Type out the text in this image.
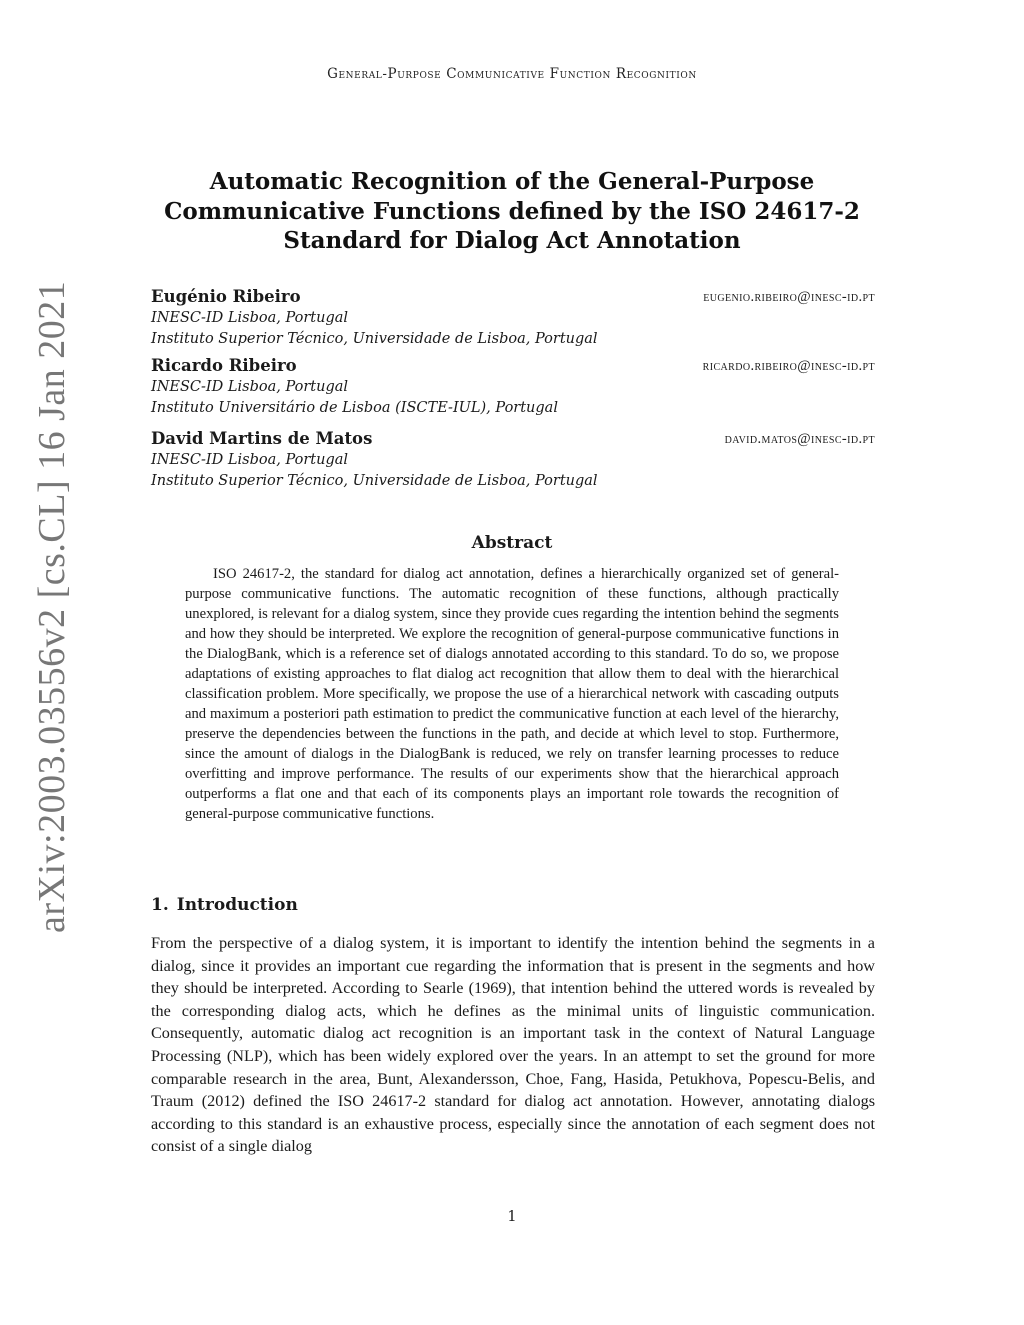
General-Purpose Communicative Function Recognition
arXiv:2003.03556v2 [cs.CL] 16 Jan 2021
Automatic Recognition of the General-Purpose Communicative Functions defined by the ISO 24617-2 Standard for Dialog Act Annotation
Eugénio Ribeiro	eugenio.ribeiro@inesc-id.pt
INESC-ID Lisboa, Portugal
Instituto Superior Técnico, Universidade de Lisboa, Portugal
Ricardo Ribeiro	ricardo.ribeiro@inesc-id.pt
INESC-ID Lisboa, Portugal
Instituto Universitário de Lisboa (ISCTE-IUL), Portugal
David Martins de Matos	david.matos@inesc-id.pt
INESC-ID Lisboa, Portugal
Instituto Superior Técnico, Universidade de Lisboa, Portugal
Abstract
ISO 24617-2, the standard for dialog act annotation, defines a hierarchically organized set of general-purpose communicative functions. The automatic recognition of these functions, although practically unexplored, is relevant for a dialog system, since they provide cues regarding the intention behind the segments and how they should be interpreted. We explore the recognition of general-purpose communicative functions in the DialogBank, which is a reference set of dialogs annotated according to this standard. To do so, we propose adaptations of existing approaches to flat dialog act recognition that allow them to deal with the hierarchical classification problem. More specifically, we propose the use of a hierarchical network with cascading outputs and maximum a posteriori path estimation to predict the communicative function at each level of the hierarchy, preserve the dependencies between the functions in the path, and decide at which level to stop. Furthermore, since the amount of dialogs in the DialogBank is reduced, we rely on transfer learning processes to reduce overfitting and improve performance. The results of our experiments show that the hierarchical approach outperforms a flat one and that each of its components plays an important role towards the recognition of general-purpose communicative functions.
1. Introduction
From the perspective of a dialog system, it is important to identify the intention behind the segments in a dialog, since it provides an important cue regarding the information that is present in the segments and how they should be interpreted. According to Searle (1969), that intention behind the uttered words is revealed by the corresponding dialog acts, which he defines as the minimal units of linguistic communication. Consequently, automatic dialog act recognition is an important task in the context of Natural Language Processing (NLP), which has been widely explored over the years. In an attempt to set the ground for more comparable research in the area, Bunt, Alexandersson, Choe, Fang, Hasida, Petukhova, Popescu-Belis, and Traum (2012) defined the ISO 24617-2 standard for dialog act annotation. However, annotating dialogs according to this standard is an exhaustive process, especially since the annotation of each segment does not consist of a single dialog
1
